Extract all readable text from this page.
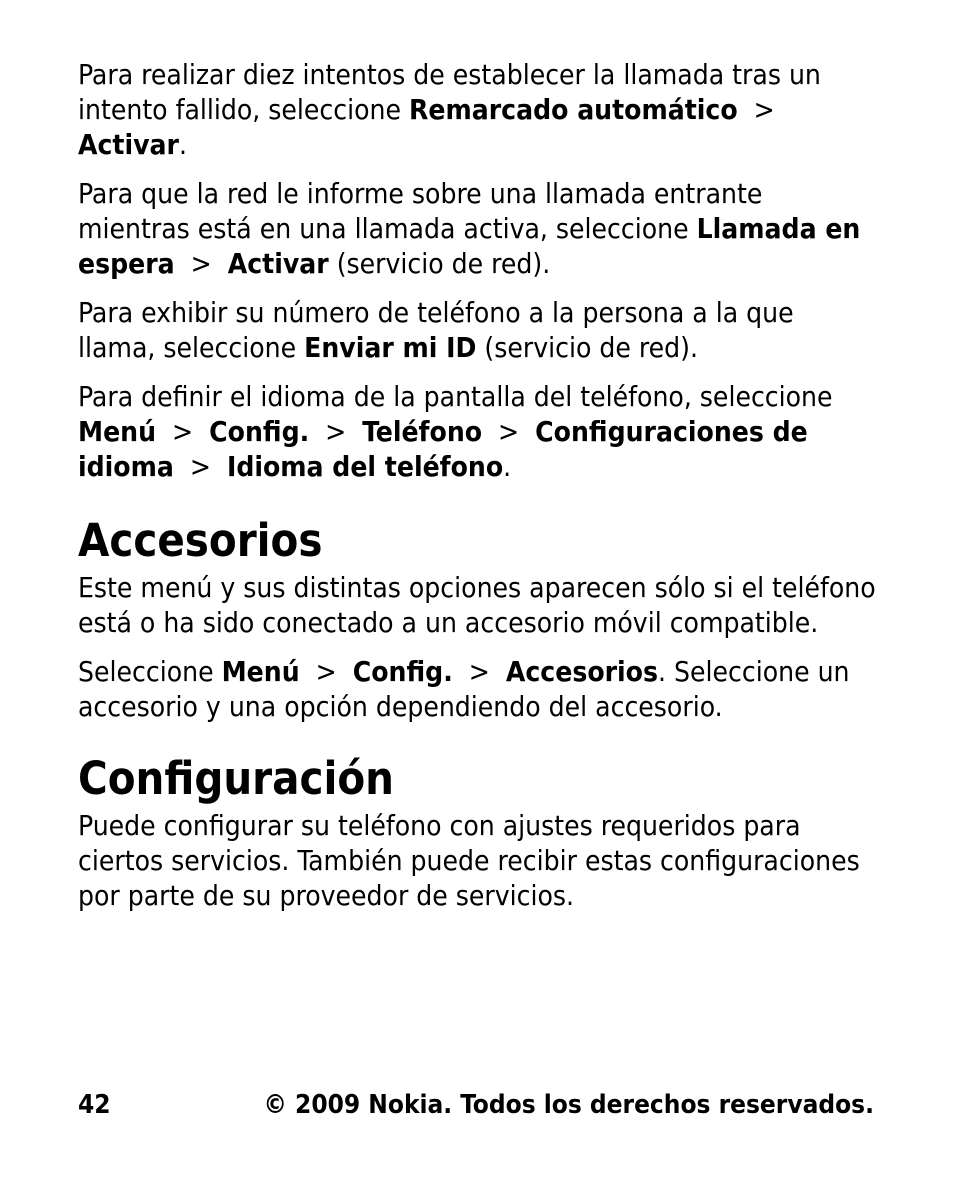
Para realizar diez intentos de establecer la llamada tras un intento fallido, seleccione Remarcado automático  >  Activar.

Para que la red le informe sobre una llamada entrante mientras está en una llamada activa, seleccione Llamada en espera  >  Activar (servicio de red).

Para exhibir su número de teléfono a la persona a la que llama, seleccione Enviar mi ID (servicio de red).

Para definir el idioma de la pantalla del teléfono, seleccione Menú  >  Config.  >  Teléfono  >  Configuraciones de idioma  >  Idioma del teléfono.

Accesorios

Este menú y sus distintas opciones aparecen sólo si el teléfono está o ha sido conectado a un accesorio móvil compatible.

Seleccione Menú  >  Config.  >  Accesorios. Seleccione un accesorio y una opción dependiendo del accesorio.

Configuración

Puede configurar su teléfono con ajustes requeridos para ciertos servicios. También puede recibir estas configuraciones por parte de su proveedor de servicios.

42	© 2009 Nokia. Todos los derechos reservados.
